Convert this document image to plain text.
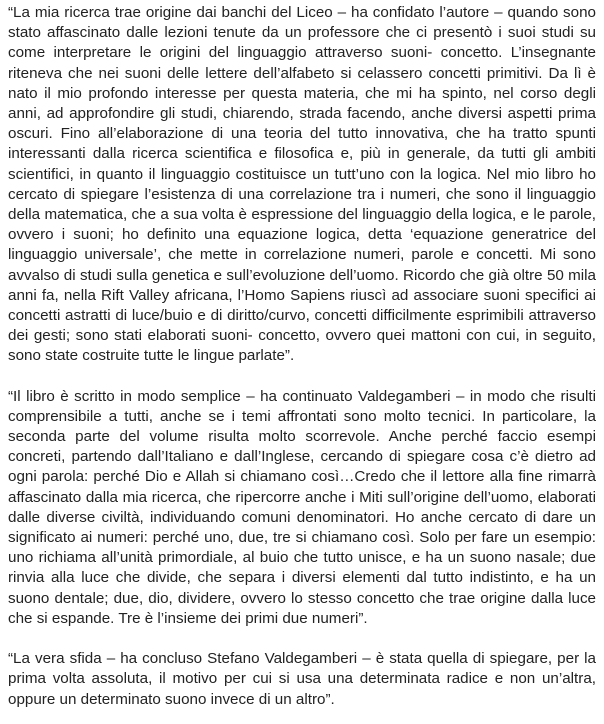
“La mia ricerca trae origine dai banchi del Liceo – ha confidato l’autore – quando sono stato affascinato dalle lezioni tenute da un professore che ci presentò i suoi studi su come interpretare le origini del linguaggio attraverso suoni- concetto. L’insegnante riteneva che nei suoni delle lettere dell’alfabeto si celassero concetti primitivi. Da lì è nato il mio profondo interesse per questa materia, che mi ha spinto, nel corso degli anni, ad approfondire gli studi, chiarendo, strada facendo, anche diversi aspetti prima oscuri. Fino all’elaborazione di una teoria del tutto innovativa, che ha tratto spunti interessanti dalla ricerca scientifica e filosofica e, più in generale, da tutti gli ambiti scientifici, in quanto il linguaggio costituisce un tutt’uno con la logica. Nel mio libro ho cercato di spiegare l’esistenza di una correlazione tra i numeri, che sono il linguaggio della matematica, che a sua volta è espressione del linguaggio della logica, e le parole, ovvero i suoni; ho definito una equazione logica, detta ‘equazione generatrice del linguaggio universale’, che mette in correlazione numeri, parole e concetti. Mi sono avvalso di studi sulla genetica e sull’evoluzione dell’uomo. Ricordo che già oltre 50 mila anni fa, nella Rift Valley africana, l’Homo Sapiens riuscì ad associare suoni specifici ai concetti astratti di luce/buio e di diritto/curvo, concetti difficilmente esprimibili attraverso dei gesti; sono stati elaborati suoni- concetto, ovvero quei mattoni con cui, in seguito, sono state costruite tutte le lingue parlate”.

“Il libro è scritto in modo semplice – ha continuato Valdegamberi – in modo che risulti comprensibile a tutti, anche se i temi affrontati sono molto tecnici. In particolare, la seconda parte del volume risulta molto scorrevole. Anche perché faccio esempi concreti, partendo dall’Italiano e dall’Inglese, cercando di spiegare cosa c’è dietro ad ogni parola: perché Dio e Allah si chiamano così…Credo che il lettore alla fine rimarrà affascinato dalla mia ricerca, che ripercorre anche i Miti sull’origine dell’uomo, elaborati dalle diverse civiltà, individuando comuni denominatori. Ho anche cercato di dare un significato ai numeri: perché uno, due, tre si chiamano così. Solo per fare un esempio: uno richiama all’unità primordiale, al buio che tutto unisce, e ha un suono nasale; due rinvia alla luce che divide, che separa i diversi elementi dal tutto indistinto, e ha un suono dentale; due, dio, dividere, ovvero lo stesso concetto che trae origine dalla luce che si espande. Tre è l’insieme dei primi due numeri”.

“La vera sfida – ha concluso Stefano Valdegamberi – è stata quella di spiegare, per la prima volta assoluta, il motivo per cui si usa una determinata radice e non un’altra, oppure un determinato suono invece di un altro”.
